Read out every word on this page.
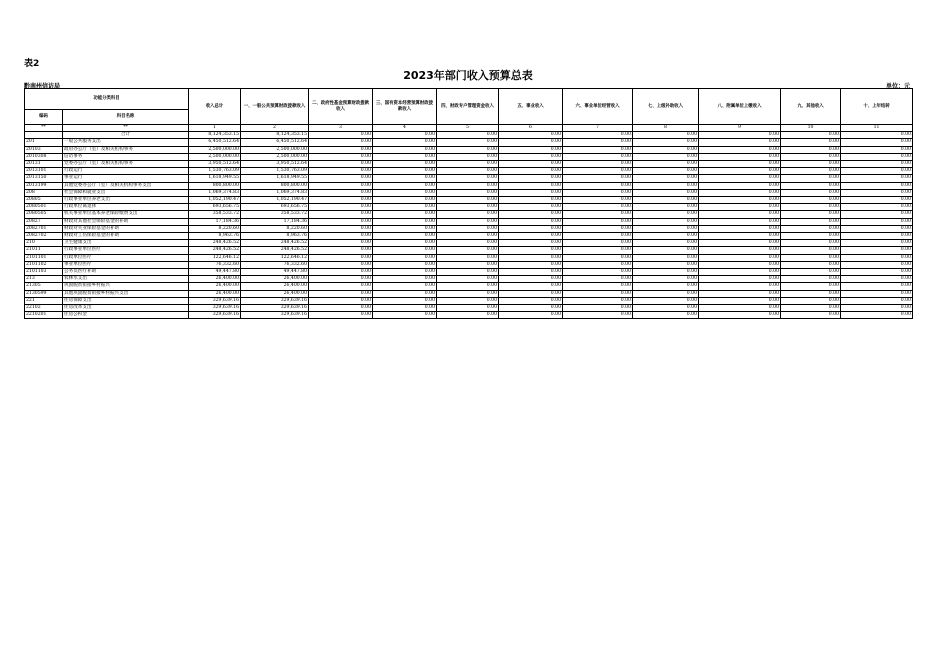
表2
2023年部门收入预算总表
黔南州信访局	单位：元
功能分类科目		收入总计	一、一般公共预算财政拨款收入	二、政府性基金预算财政拨款收入	三、国有资本经营预算财政拨款收入	四、财政专户管理资金收入	五、事业收入	六、事业单位经营收入	七、上级补助收入	八、附属单位上缴收入	九、其他收入	十、上年结转
编码	科目名称											
**	**	1	2	3	4	5	6	7	8	9	10	11
	合计	8,124,353.15	8,124,353.15	0.00	0.00	0.00	0.00	0.00	0.00	0.00	0.00	0.00
201	一般公共服务支出	6,450,512.64	6,450,512.64	0.00	0.00	0.00	0.00	0.00	0.00	0.00	0.00	0.00
20103	政府办公厅（室）及相关机构事务	2,500,000.00	2,500,000.00	0.00	0.00	0.00	0.00	0.00	0.00	0.00	0.00	0.00
2010308	信访事务	2,500,000.00	2,500,000.00	0.00	0.00	0.00	0.00	0.00	0.00	0.00	0.00	0.00
20131	党委办公厅（室）及相关机构事务	3,950,512.64	3,950,512.64	0.00	0.00	0.00	0.00	0.00	0.00	0.00	0.00	0.00
2013101	行政运行	1,530,763.09	1,530,763.09	0.00	0.00	0.00	0.00	0.00	0.00	0.00	0.00	0.00
2013150	事业运行	1,618,949.55	1,618,949.55	0.00	0.00	0.00	0.00	0.00	0.00	0.00	0.00	0.00
2013199	其他党委办公厅（室）及相关机构事务支出	800,800.00	800,800.00	0.00	0.00	0.00	0.00	0.00	0.00	0.00	0.00	0.00
208	社会保障和就业支出	1,069,374.83	1,069,374.83	0.00	0.00	0.00	0.00	0.00	0.00	0.00	0.00	0.00
20805	行政事业单位养老支出	1,052,190.47	1,052,190.47	0.00	0.00	0.00	0.00	0.00	0.00	0.00	0.00	0.00
2080501	行政单位离退休	693,656.75	693,656.75	0.00	0.00	0.00	0.00	0.00	0.00	0.00	0.00	0.00
2080505	机关事业单位基本养老保险缴费支出	358,533.72	358,533.72	0.00	0.00	0.00	0.00	0.00	0.00	0.00	0.00	0.00
20827	财政对其他社会保险基金的补助	17,184.36	17,184.36	0.00	0.00	0.00	0.00	0.00	0.00	0.00	0.00	0.00
2082701	财政对失业保险基金的补助	8,220.60	8,220.60	0.00	0.00	0.00	0.00	0.00	0.00	0.00	0.00	0.00
2082702	财政对工伤保险基金的补助	8,963.76	8,963.76	0.00	0.00	0.00	0.00	0.00	0.00	0.00	0.00	0.00
210	卫生健康支出	248,426.52	248,426.52	0.00	0.00	0.00	0.00	0.00	0.00	0.00	0.00	0.00
21011	行政事业单位医疗	248,426.52	248,426.52	0.00	0.00	0.00	0.00	0.00	0.00	0.00	0.00	0.00
2101101	行政单位医疗	122,646.12	122,646.12	0.00	0.00	0.00	0.00	0.00	0.00	0.00	0.00	0.00
2101102	事业单位医疗	76,332.60	76,332.60	0.00	0.00	0.00	0.00	0.00	0.00	0.00	0.00	0.00
2101103	公务员医疗补助	49,447.80	49,447.80	0.00	0.00	0.00	0.00	0.00	0.00	0.00	0.00	0.00
213	农林水支出	26,400.00	26,400.00	0.00	0.00	0.00	0.00	0.00	0.00	0.00	0.00	0.00
21305	巩固脱贫衔接乡村振兴	26,400.00	26,400.00	0.00	0.00	0.00	0.00	0.00	0.00	0.00	0.00	0.00
2130599	其他巩固脱贫衔接乡村振兴支出	26,400.00	26,400.00	0.00	0.00	0.00	0.00	0.00	0.00	0.00	0.00	0.00
221	住房保障支出	329,639.16	329,639.16	0.00	0.00	0.00	0.00	0.00	0.00	0.00	0.00	0.00
22102	住房改革支出	329,639.16	329,639.16	0.00	0.00	0.00	0.00	0.00	0.00	0.00	0.00	0.00
2210201	住房公积金	329,639.16	329,639.16	0.00	0.00	0.00	0.00	0.00	0.00	0.00	0.00	0.00
